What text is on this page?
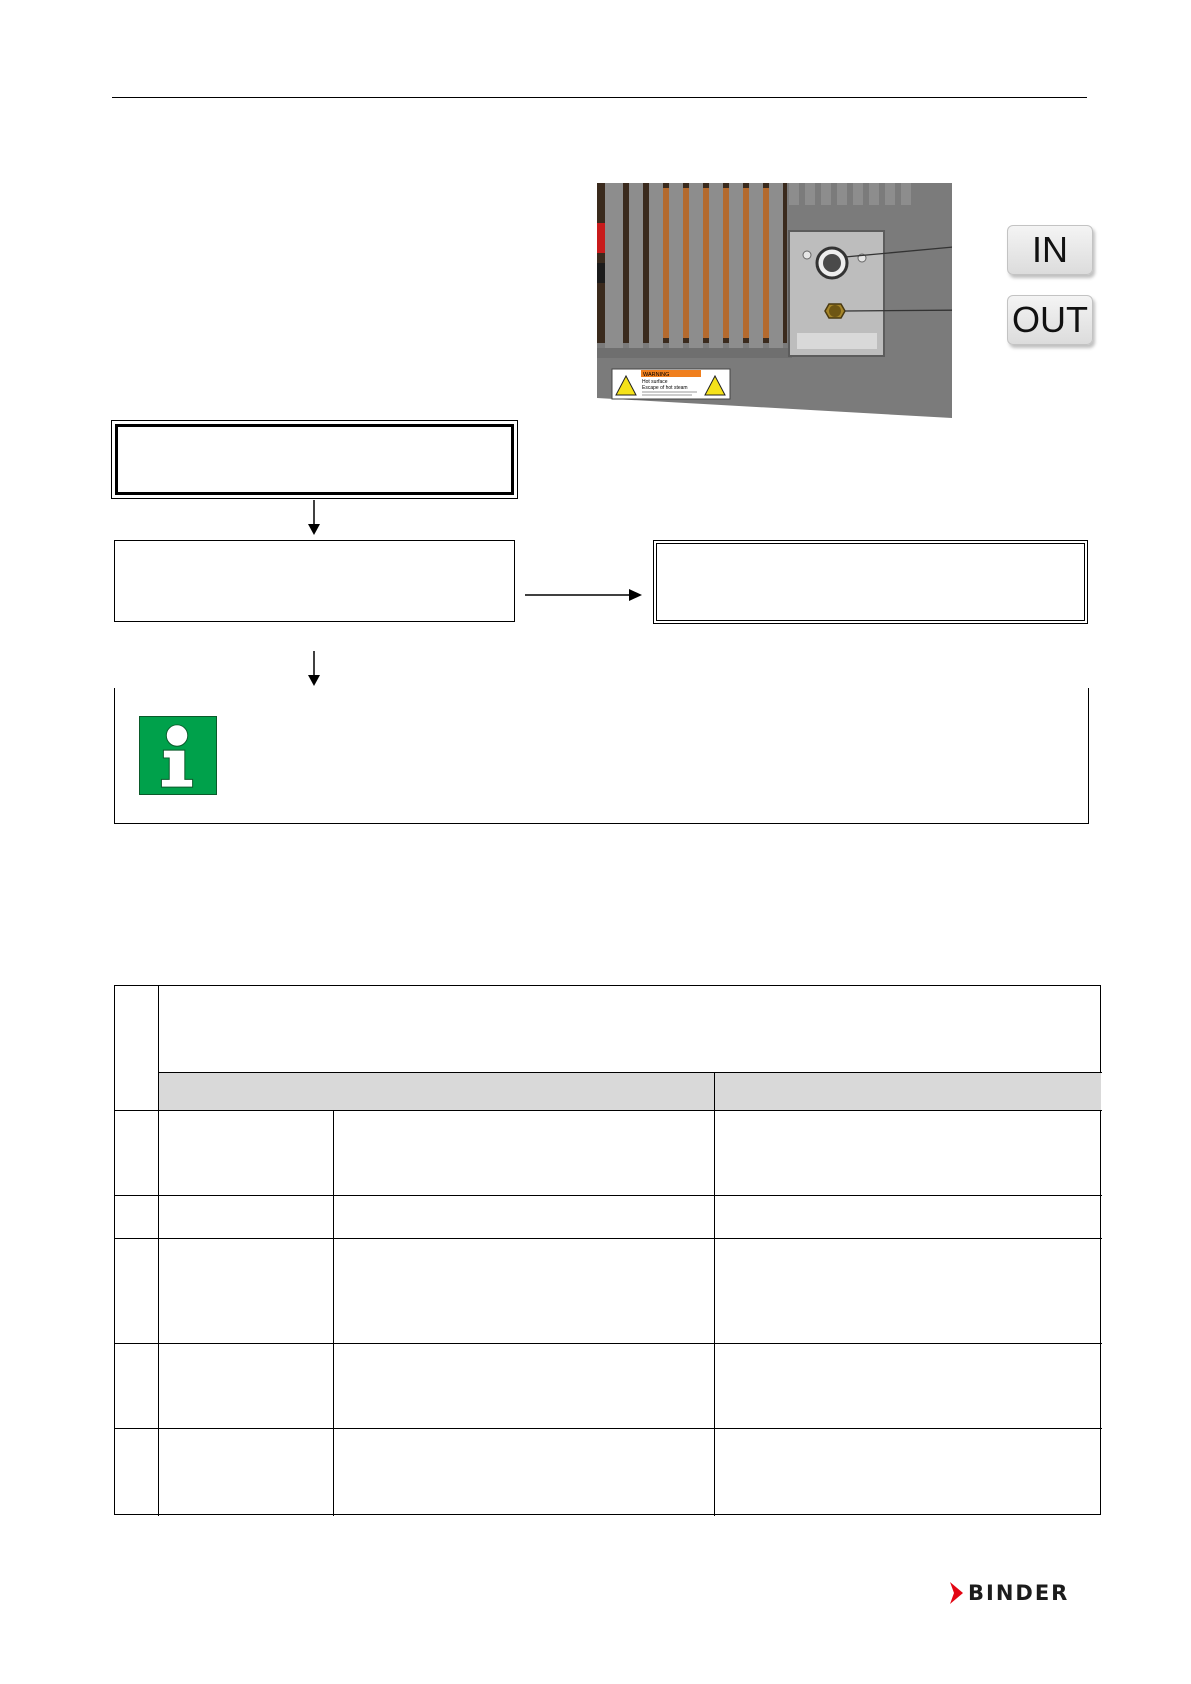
WARNING
Hot surface
Escape of hot steam
IN
OUT
BINDER
